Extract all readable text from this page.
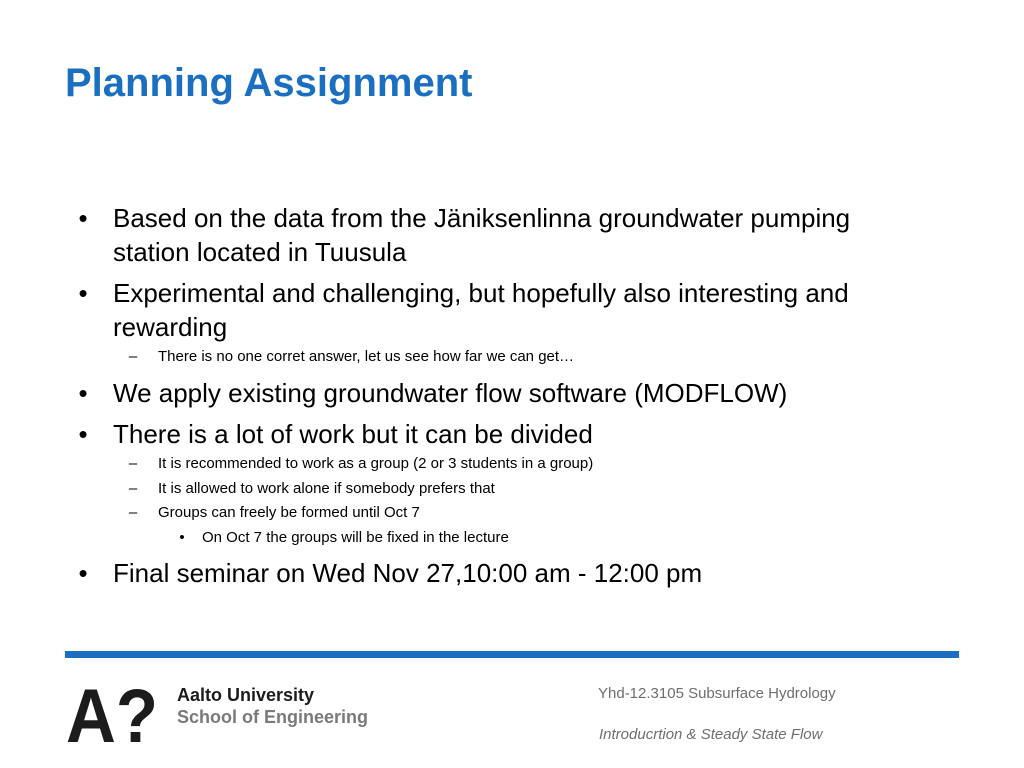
Planning Assignment
• Based on the data from the Jäniksenlinna groundwater pumping
station located in Tuusula
• Experimental and challenging, but hopefully also interesting and
rewarding
– There is no one corret answer, let us see how far we can get…
• We apply existing groundwater flow software (MODFLOW)
• There is a lot of work but it can be divided
– It is recommended to work as a group (2 or 3 students in a group)
– It is allowed to work alone if somebody prefers that
– Groups can freely be formed until Oct 7
• On Oct 7 the groups will be fixed in the lecture
• Final seminar on Wed Nov 27,10:00 am - 12:00 pm
A? Aalto University
School of Engineering
Yhd-12.3105 Subsurface Hydrology
Introducrtion & Steady State Flow
